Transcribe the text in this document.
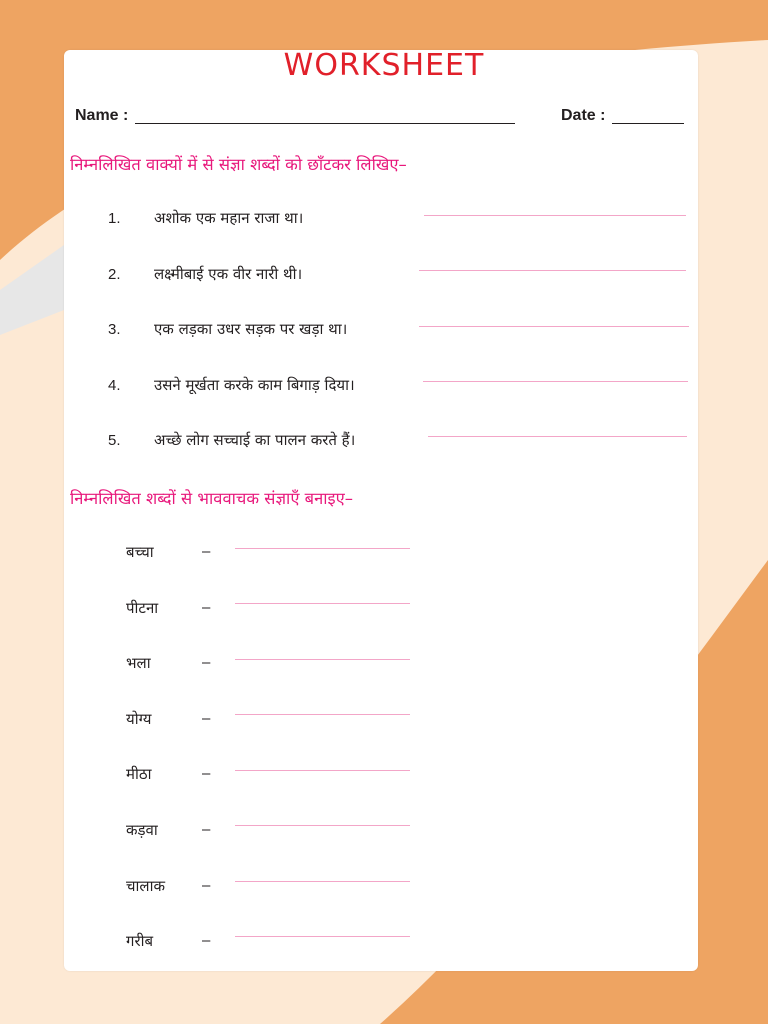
WORKSHEET
Name :	Date :
निम्नलिखित वाक्यों में से संज्ञा शब्दों को छाँटकर लिखिए–
1. अशोक एक महान राजा था।
2. लक्ष्मीबाई एक वीर नारी थी।
3. एक लड़का उधर सड़क पर खड़ा था।
4. उसने मूर्खता करके काम बिगाड़ दिया।
5. अच्छे लोग सच्चाई का पालन करते हैं।
निम्नलिखित शब्दों से भाववाचक संज्ञाएँ बनाइए–
बच्चा	–
पीटना	–
भला	–
योग्य	–
मीठा	–
कड़वा	–
चालाक –
गरीब	–
